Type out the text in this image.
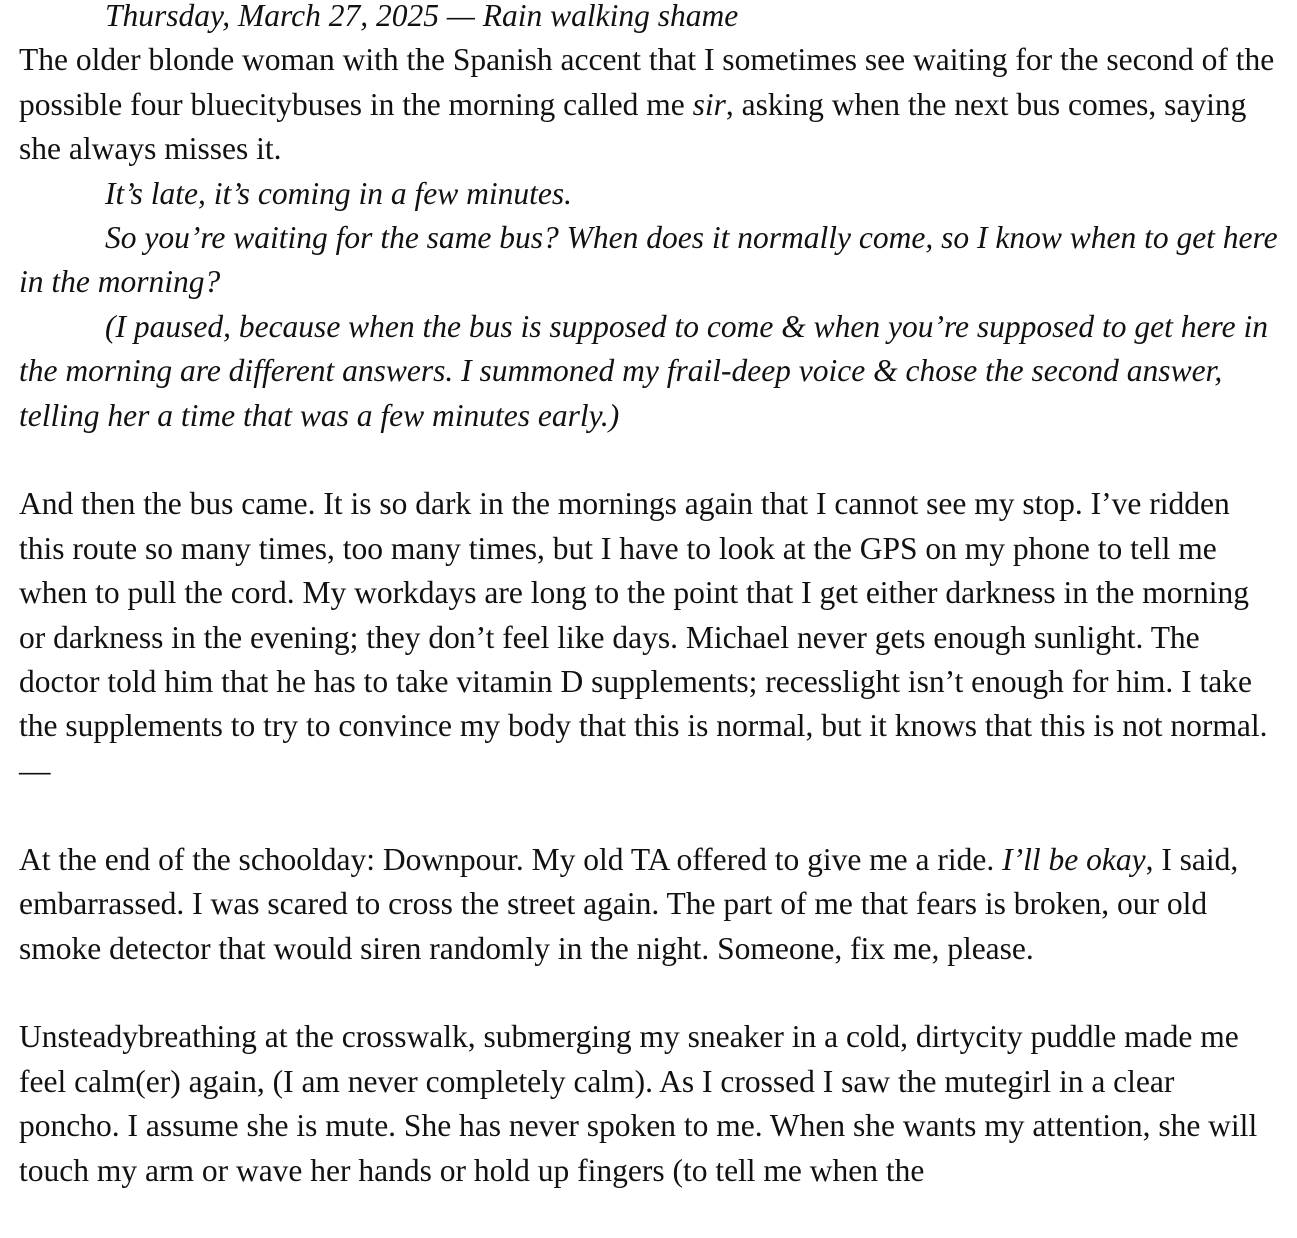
Thursday, March 27, 2025 — Rain walking shame

The older blonde woman with the Spanish accent that I sometimes see waiting for the second of the possible four bluecitybuses in the morning called me sir, asking when the next bus comes, saying she always misses it.

It’s late, it’s coming in a few minutes.

So you’re waiting for the same bus? When does it normally come, so I know when to get here in the morning?

(I paused, because when the bus is supposed to come & when you’re supposed to get here in the morning are different answers. I summoned my frail-deep voice & chose the second answer, telling her a time that was a few minutes early.)

And then the bus came. It is so dark in the mornings again that I cannot see my stop. I’ve ridden this route so many times, too many times, but I have to look at the GPS on my phone to tell me when to pull the cord. My workdays are long to the point that I get either darkness in the morning or darkness in the evening; they don’t feel like days. Michael never gets enough sunlight. The doctor told him that he has to take vitamin D supplements; recesslight isn’t enough for him. I take the supplements to try to convince my body that this is normal, but it knows that this is not normal.

—

At the end of the schoolday: Downpour. My old TA offered to give me a ride. I’ll be okay, I said, embarrassed. I was scared to cross the street again. The part of me that fears is broken, our old smoke detector that would siren randomly in the night. Someone, fix me, please.

Unsteadybreathing at the crosswalk, submerging my sneaker in a cold, dirtycity puddle made me feel calm(er) again, (I am never completely calm). As I crossed I saw the mutegirl in a clear poncho. I assume she is mute. She has never spoken to me. When she wants my attention, she will touch my arm or wave her hands or hold up fingers (to tell me when the
